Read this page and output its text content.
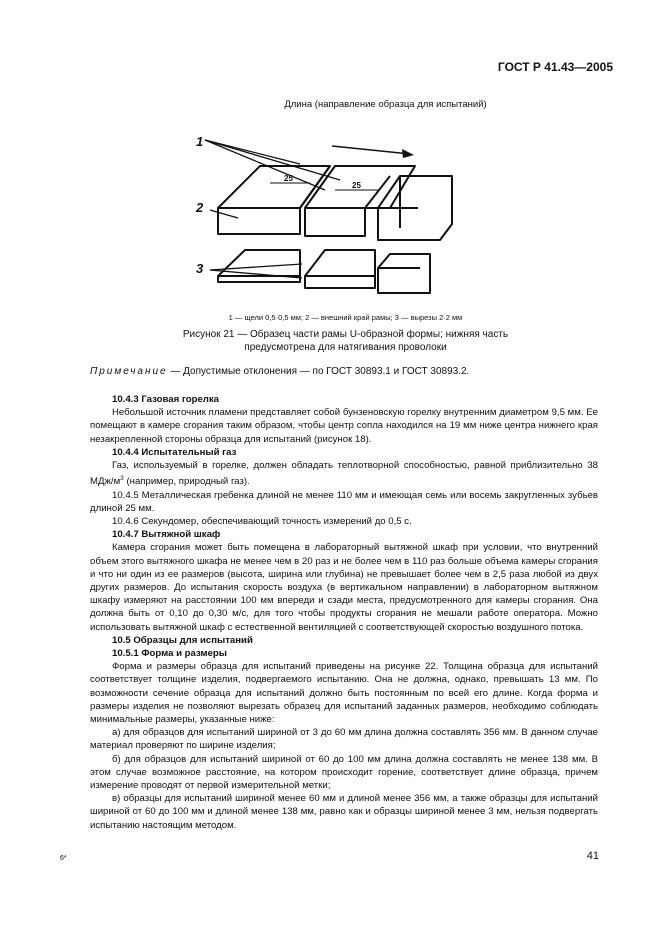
ГОСТ Р 41.43—2005
Длина (направление образца для испытаний)
1
2
3
25
25
1 — щели 0,5·0,5 мм; 2 — внешний край рамы; 3 — вырезы 2·2 мм
Рисунок 21 — Образец части рамы U-образной формы; нижняя часть
предусмотрена для натягивания проволоки
Примечание — Допустимые отклонения — по ГОСТ 30893.1 и ГОСТ 30893.2.

10.4.3 Газовая горелка

Небольшой источник пламени представляет собой бунзеновскую горелку внутренним диаметром 9,5 мм. Ее помещают в камере сгорания таким образом, чтобы центр сопла находился на 19 мм ниже центра нижнего края незакрепленной стороны образца для испытаний (рисунок 18).

10.4.4 Испытательный газ

Газ, используемый в горелке, должен обладать теплотворной способностью, равной приблизительно 38 МДж/$м^3$ (например, природный газ).

10.4.5 Металлическая гребенка длиной не менее 110 мм и имеющая семь или восемь закругленных зубьев длиной 25 мм.

10.4.6 Секундомер, обеспечивающий точность измерений до 0,5 с.

10.4.7 Вытяжной шкаф

Камера сгорания может быть помещена в лабораторный вытяжной шкаф при условии, что внутренний объем этого вытяжного шкафа не менее чем в 20 раз и не более чем в 110 раз больше объема камеры сгорания и что ни один из ее размеров (высота, ширина или глубина) не превышает более чем в 2,5 раза любой из двух других размеров. До испытания скорость воздуха (в вертикальном направлении) в лабораторном вытяжном шкафу измеряют на расстоянии 100 мм впереди и сзади места, предусмотренного для камеры сгорания. Она должна быть от 0,10 до 0,30 м/с, для того чтобы продукты сгорания не мешали работе оператора. Можно использовать вытяжной шкаф с естественной вентиляцией с соответствующей скоростью воздушного потока.

10.5 Образцы для испытаний

10.5.1 Форма и размеры

Форма и размеры образца для испытаний приведены на рисунке 22. Толщина образца для испытаний соответствует толщине изделия, подвергаемого испытанию. Она не должна, однако, превышать 13 мм. По возможности сечение образца для испытаний должно быть постоянным по всей его длине. Когда форма и размеры изделия не позволяют вырезать образец для испытаний заданных размеров, необходимо соблюдать минимальные размеры, указанные ниже:

а) для образцов для испытаний шириной от 3 до 60 мм длина должна составлять 356 мм. В данном случае материал проверяют по ширине изделия;

б) для образцов для испытаний шириной от 60 до 100 мм длина должна составлять не менее 138 мм. В этом случае возможное расстояние, на котором происходит горение, соответствует длине образца, причем измерение проводят от первой измерительной метки;

в) образцы для испытаний шириной менее 60 мм и длиной менее 356 мм, а также образцы для испытаний шириной от 60 до 100 мм и длиной менее 138 мм, равно как и образцы шириной менее 3 мм, нельзя подвергать испытанию настоящим методом.

6*	41
